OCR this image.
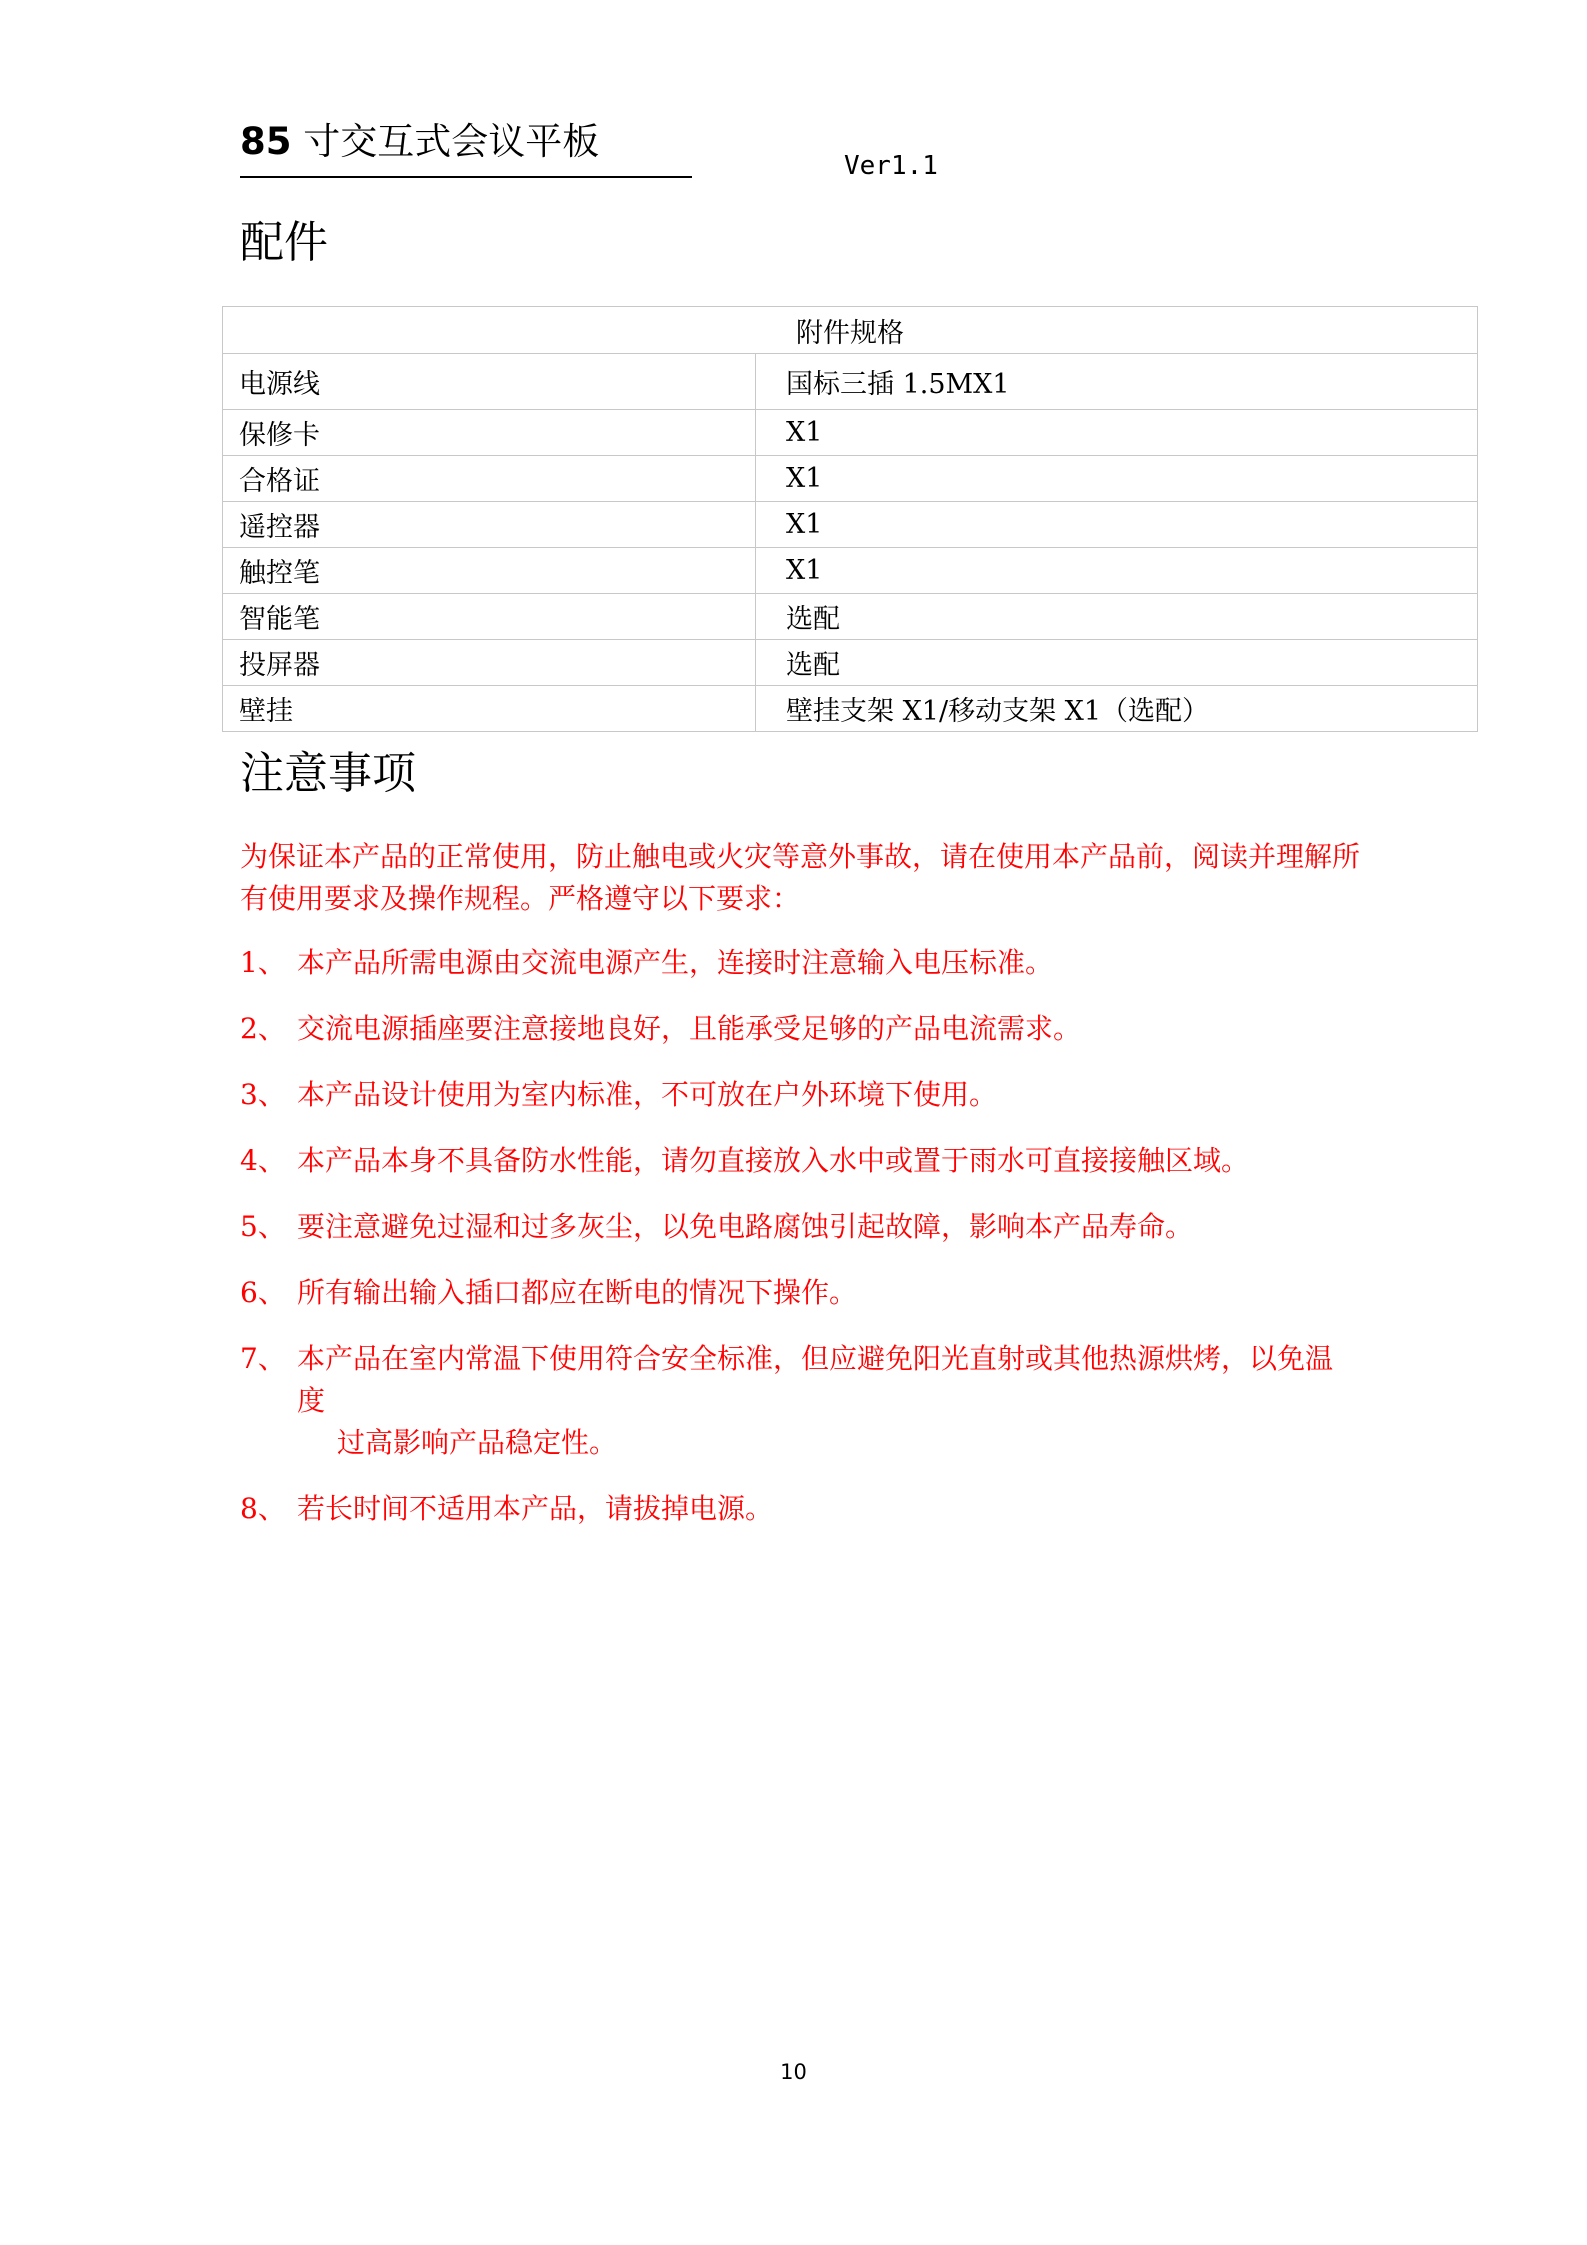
85 寸交互式会议平板
Ver1.1
配件
附件规格	
电源线	国标三插 1.5MX1
保修卡	X1
合格证	X1
遥控器	X1
触控笔	X1
智能笔	选配
投屏器	选配
壁挂	壁挂支架 X1/移动支架 X1（选配）
注意事项
为保证本产品的正常使用，防止触电或火灾等意外事故，请在使用本产品前，阅读并理解所
有使用要求及操作规程。严格遵守以下要求：
1、 本产品所需电源由交流电源产生，连接时注意输入电压标准。
2、 交流电源插座要注意接地良好，且能承受足够的产品电流需求。
3、 本产品设计使用为室内标准，不可放在户外环境下使用。
4、 本产品本身不具备防水性能，请勿直接放入水中或置于雨水可直接接触区域。
5、 要注意避免过湿和过多灰尘，以免电路腐蚀引起故障，影响本产品寿命。
6、 所有输出输入插口都应在断电的情况下操作。
7、 本产品在室内常温下使用符合安全标准，但应避免阳光直射或其他热源烘烤，以免温度
过高影响产品稳定性。
8、 若长时间不适用本产品，请拔掉电源。
10
